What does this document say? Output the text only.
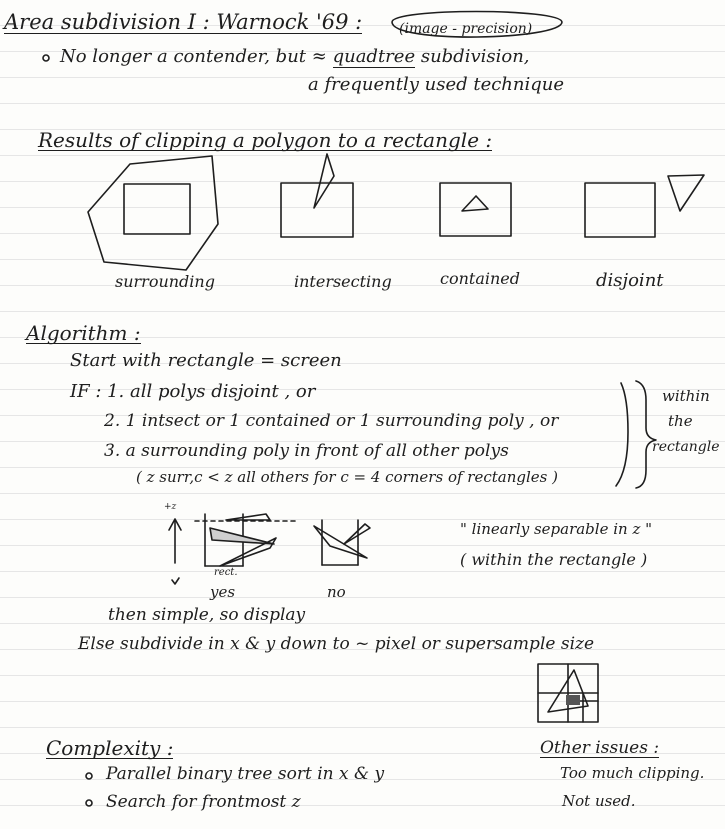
Area subdivision I : Warnock '69 :	(image - precision)
No longer a contender, but ≈ quadtree subdivision,
a frequently used technique
Results of clipping a polygon to a rectangle :
surrounding	intersecting	contained	disjoint
Algorithm :
Start with rectangle = screen
IF : 1. all polys disjoint , or
2. 1 intsect or 1 contained or 1 surrounding poly , or
3. a surrounding poly in front of all other polys
( z surr,c < z all others for c = 4 corners of rectangles )
within
the
rectangle
+z
rect.
yes	no
" linearly separable in z "
( within the rectangle )
then simple, so display
Else subdivide in x & y down to ~ pixel or supersample size
Complexity :
Parallel binary tree sort in x & y
Search for frontmost z
Other issues :
Too much clipping.
Not used.
